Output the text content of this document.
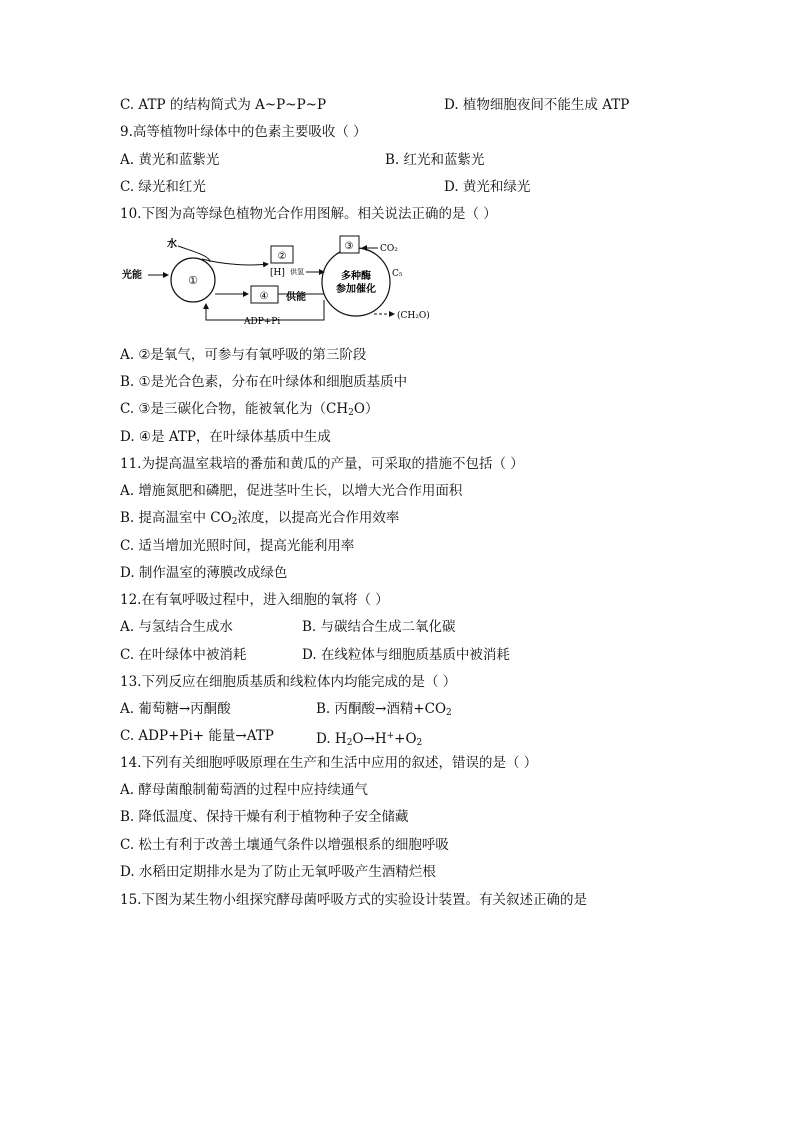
C. ATP 的结构简式为 A~P~P~P	D. 植物细胞夜间不能生成 ATP
9.高等植物叶绿体中的色素主要吸收（ ）
A. 黄光和蓝紫光	B. 红光和蓝紫光
C. 绿光和红光	D. 黄光和绿光
10.下图为高等绿色植物光合作用图解。相关说法正确的是（ ）
光能	①
水
②
[H] 供氢
④ 供能
ADP+Pi
多种酶
参加催化
③	CO₂
C₅
(CH₂O)
A. ②是氧气，可参与有氧呼吸的第三阶段
B. ①是光合色素，分布在叶绿体和细胞质基质中
C. ③是三碳化合物，能被氧化为$(CH_2O)$
D. ④是 ATP，在叶绿体基质中生成
11.为提高温室栽培的番茄和黄瓜的产量，可采取的措施不包括（ ）
A. 增施氮肥和磷肥，促进茎叶生长，以增大光合作用面积
B. 提高温室中 $CO_2$浓度，以提高光合作用效率
C. 适当增加光照时间，提高光能利用率
D. 制作温室的薄膜改成绿色
12.在有氧呼吸过程中，进入细胞的氧将（ ）
A. 与氢结合生成水	B. 与碳结合生成二氧化碳
C. 在叶绿体中被消耗	D. 在线粒体与细胞质基质中被消耗
13.下列反应在细胞质基质和线粒体内均能完成的是（ ）
A. 葡萄糖→丙酮酸	B. 丙酮酸→酒精$+CO_2$
C. ADP+Pi+ 能量→ATP	D. $H_2O\to H^++O_2$
14.下列有关细胞呼吸原理在生产和生活中应用的叙述，错误的是（ ）
A. 酵母菌酿制葡萄酒的过程中应持续通气
B. 降低温度、保持干燥有利于植物种子安全储藏
C. 松土有利于改善土壤通气条件以增强根系的细胞呼吸
D. 水稻田定期排水是为了防止无氧呼吸产生酒精烂根
15.下图为某生物小组探究酵母菌呼吸方式的实验设计装置。有关叙述正确的是
